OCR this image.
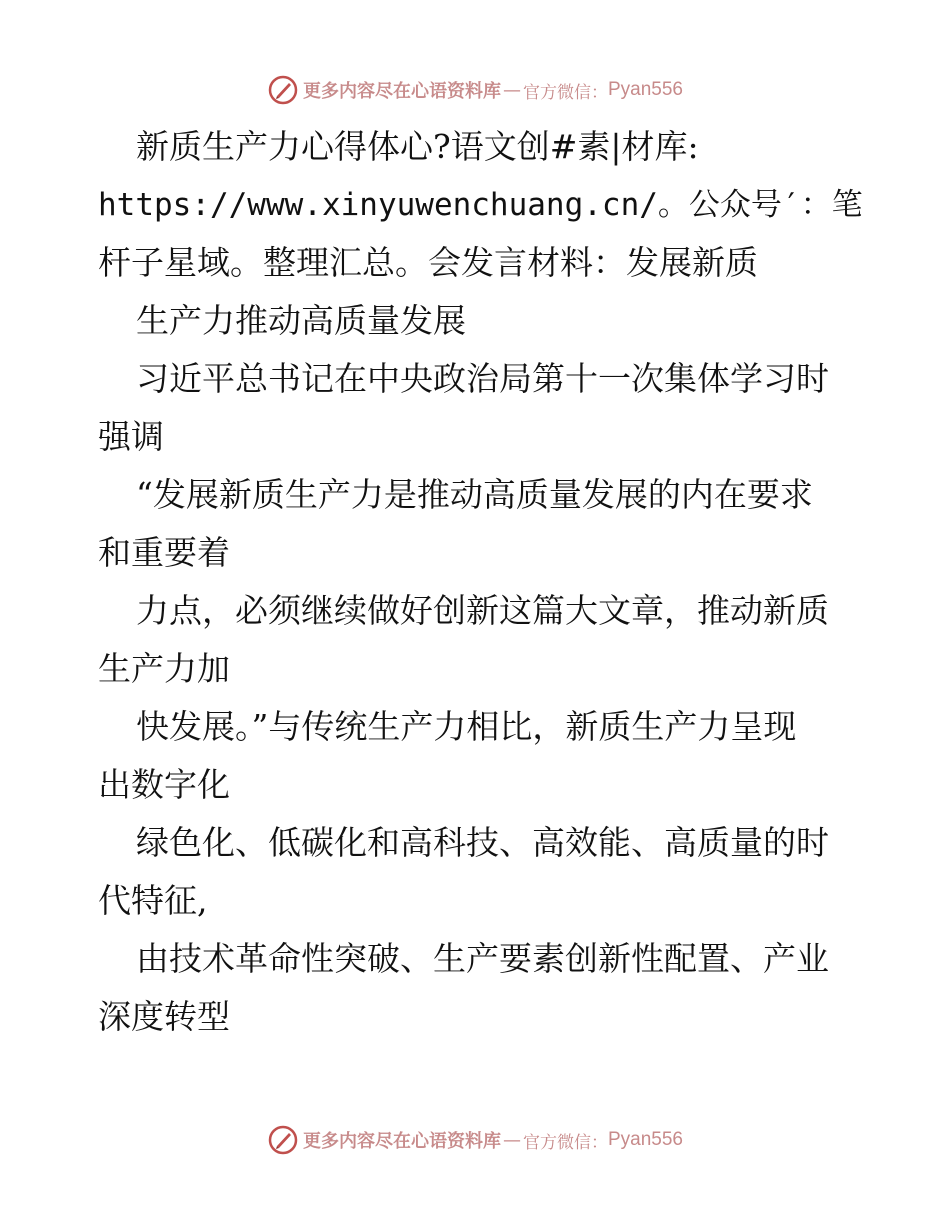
更多内容尽在心语资料库 — 官方微信： Pyan556
新质生产力心得体心?语文创#素|材库:
https://www.xinyuwenchuang.cn/。公众号′：笔
杆子星域。整理汇总。会发言材料：发展新质
生产力推动高质量发展
习近平总书记在中央政治局第十一次集体学习时
强调
“发展新质生产力是推动高质量发展的内在要求
和重要着
力点，必须继续做好创新这篇大文章，推动新质
生产力加
快发展。”与传统生产力相比，新质生产力呈现
出数字化
绿色化、低碳化和高科技、高效能、高质量的时
代特征,
由技术革命性突破、生产要素创新性配置、产业
深度转型
更多内容尽在心语资料库 — 官方微信： Pyan556
